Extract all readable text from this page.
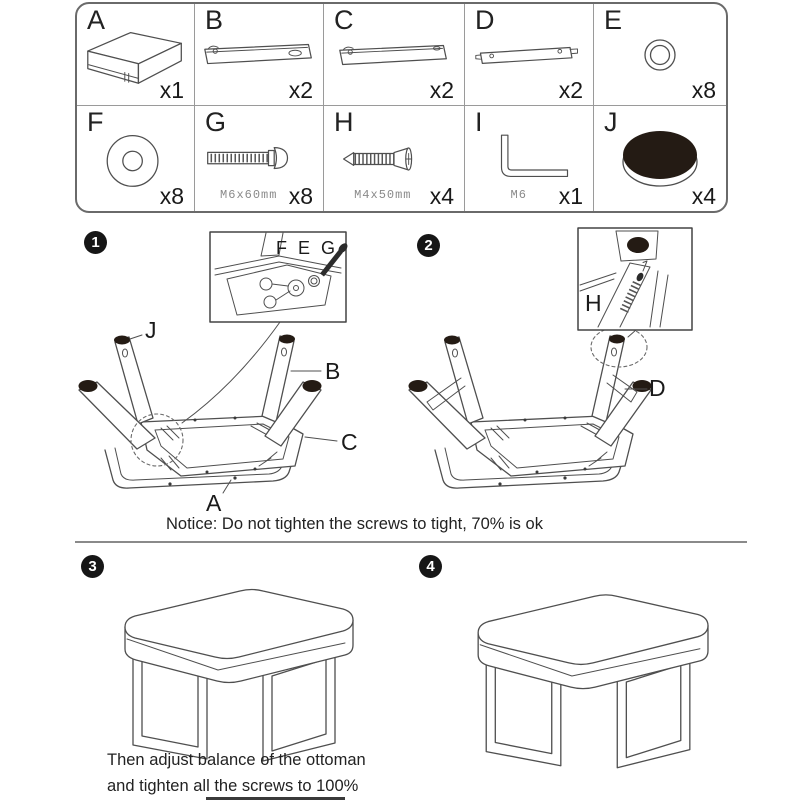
A
x1
B
x2
C
x2
D
x2
E
x8
F
x8
G
M6x60mm x8
H
M4x50mm x4
I
M6 x1
J
x4
1	F E G
J
B
C
A
2
H
D
Notice: Do not tighten the screws to tight, 70% is ok
3	4
Then adjust balance of the ottoman
and tighten all the screws to 100%
